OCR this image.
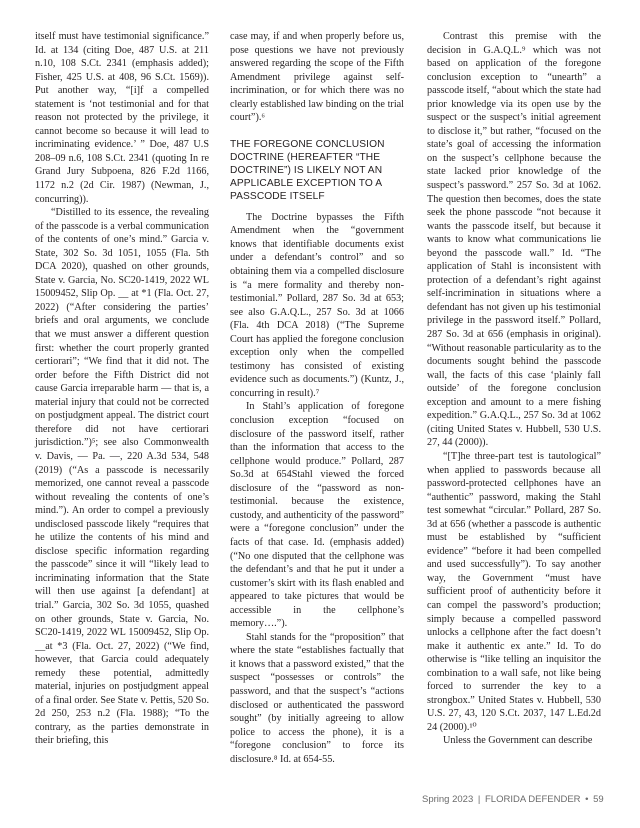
itself must have testimonial significance.” Id. at 134 (citing Doe, 487 U.S. at 211 n.10, 108 S.Ct. 2341 (emphasis added); Fisher, 425 U.S. at 408, 96 S.Ct. 1569)). Put another way, “[i]f a compelled statement is ‘not testimonial and for that reason not protected by the privilege, it cannot become so because it will lead to incriminating evidence.’ ” Doe, 487 U.S 208–09 n.6, 108 S.Ct. 2341 (quoting In re Grand Jury Subpoena, 826 F.2d 1166, 1172 n.2 (2d Cir. 1987) (Newman, J., concurring)).

“Distilled to its essence, the revealing of the passcode is a verbal communication of the contents of one’s mind.” Garcia v. State, 302 So. 3d 1051, 1055 (Fla. 5th DCA 2020), quashed on other grounds, State v. Garcia, No. SC20-1419, 2022 WL 15009452, Slip Op. __ at *1 (Fla. Oct. 27, 2022) (“After considering the parties’ briefs and oral arguments, we conclude that we must answer a different question first: whether the court properly granted certiorari”; “We find that it did not. The order before the Fifth District did not cause Garcia irreparable harm — that is, a material injury that could not be corrected on postjudgment appeal. The district court therefore did not have certiorari jurisdiction.”)⁵; see also Commonwealth v. Davis, — Pa. —, 220 A.3d 534, 548 (2019) (“As a passcode is necessarily memorized, one cannot reveal a passcode without revealing the contents of one’s mind.”). An order to compel a previously undisclosed passcode likely “requires that he utilize the contents of his mind and disclose specific information regarding the passcode” since it will “likely lead to incriminating information that the State will then use against [a defendant] at trial.” Garcia, 302 So. 3d 1055, quashed on other grounds, State v. Garcia, No. SC20-1419, 2022 WL 15009452, Slip Op. __at *3 (Fla. Oct. 27, 2022) (“We find, however, that Garcia could adequately remedy these potential, admittedly material, injuries on postjudgment appeal of a final order. See State v. Pettis, 520 So. 2d 250, 253 n.2 (Fla. 1988); “To the contrary, as the parties demonstrate in their briefing, this

case may, if and when properly before us, pose questions we have not previously answered regarding the scope of the Fifth Amendment privilege against self-incrimination, or for which there was no clearly established law binding on the trial court”).⁶

THE FOREGONE CONCLUSION DOCTRINE (HEREAFTER “THE DOCTRINE”) IS LIKELY NOT AN APPLICABLE EXCEPTION TO A PASSCODE ITSELF

The Doctrine bypasses the Fifth Amendment when the “government knows that identifiable documents exist under a defendant’s control” and so obtaining them via a compelled disclosure is “a mere formality and thereby non-testimonial.” Pollard, 287 So. 3d at 653; see also G.A.Q.L., 257 So. 3d at 1066 (Fla. 4th DCA 2018) (“The Supreme Court has applied the foregone conclusion exception only when the compelled testimony has consisted of existing evidence such as documents.”) (Kuntz, J., concurring in result).⁷

In Stahl’s application of foregone conclusion exception “focused on disclosure of the password itself, rather than the information that access to the cellphone would produce.” Pollard, 287 So.3d at 654Stahl viewed the forced disclosure of the “password as non-testimonial. because the existence, custody, and authenticity of the password” were a “foregone conclusion” under the facts of that case. Id. (emphasis added) (“No one disputed that the cellphone was the defendant’s and that he put it under a customer’s skirt with its flash enabled and appeared to take pictures that would be accessible in the cellphone’s memory….”).

Stahl stands for the “proposition” that where the state “establishes factually that it knows that a password existed,” that the suspect “possesses or controls” the password, and that the suspect’s “actions disclosed or authenticated the password sought” (by initially agreeing to allow police to access the phone), it is a “foregone conclusion” to force its disclosure.⁸ Id. at 654-55.

Contrast this premise with the decision in G.A.Q.L.⁹ which was not based on application of the foregone conclusion exception to “unearth” a passcode itself, “about which the state had prior knowledge via its open use by the suspect or the suspect’s initial agreement to disclose it,” but rather, “focused on the state’s goal of accessing the information on the suspect’s cellphone because the state lacked prior knowledge of the suspect’s password.” 257 So. 3d at 1062. The question then becomes, does the state seek the phone passcode “not because it wants the passcode itself, but because it wants to know what communications lie beyond the passcode wall.” Id. “The application of Stahl is inconsistent with protection of a defendant’s right against self-incrimination in situations where a defendant has not given up his testimonial privilege in the password itself.” Pollard, 287 So. 3d at 656 (emphasis in original). “Without reasonable particularity as to the documents sought behind the passcode wall, the facts of this case ‘plainly fall outside’ of the foregone conclusion exception and amount to a mere fishing expedition.” G.A.Q.L., 257 So. 3d at 1062 (citing United States v. Hubbell, 530 U.S. 27, 44 (2000)).

“[T]he three-part test is tautological” when applied to passwords because all password-protected cellphones have an “authentic” password, making the Stahl test somewhat “circular.” Pollard, 287 So. 3d at 656 (whether a passcode is authentic must be established by “sufficient evidence” “before it had been compelled and used successfully”). To say another way, the Government “must have sufficient proof of authenticity before it can compel the password’s production; simply because a compelled password unlocks a cellphone after the fact doesn’t make it authentic ex ante.” Id. To do otherwise is “like telling an inquisitor the combination to a wall safe, not like being forced to surrender the key to a strongbox.” United States v. Hubbell, 530 U.S. 27, 43, 120 S.Ct. 2037, 147 L.Ed.2d 24 (2000).¹⁰

Unless the Government can describe

Spring 2023 | FLORIDA DEFENDER • 59
